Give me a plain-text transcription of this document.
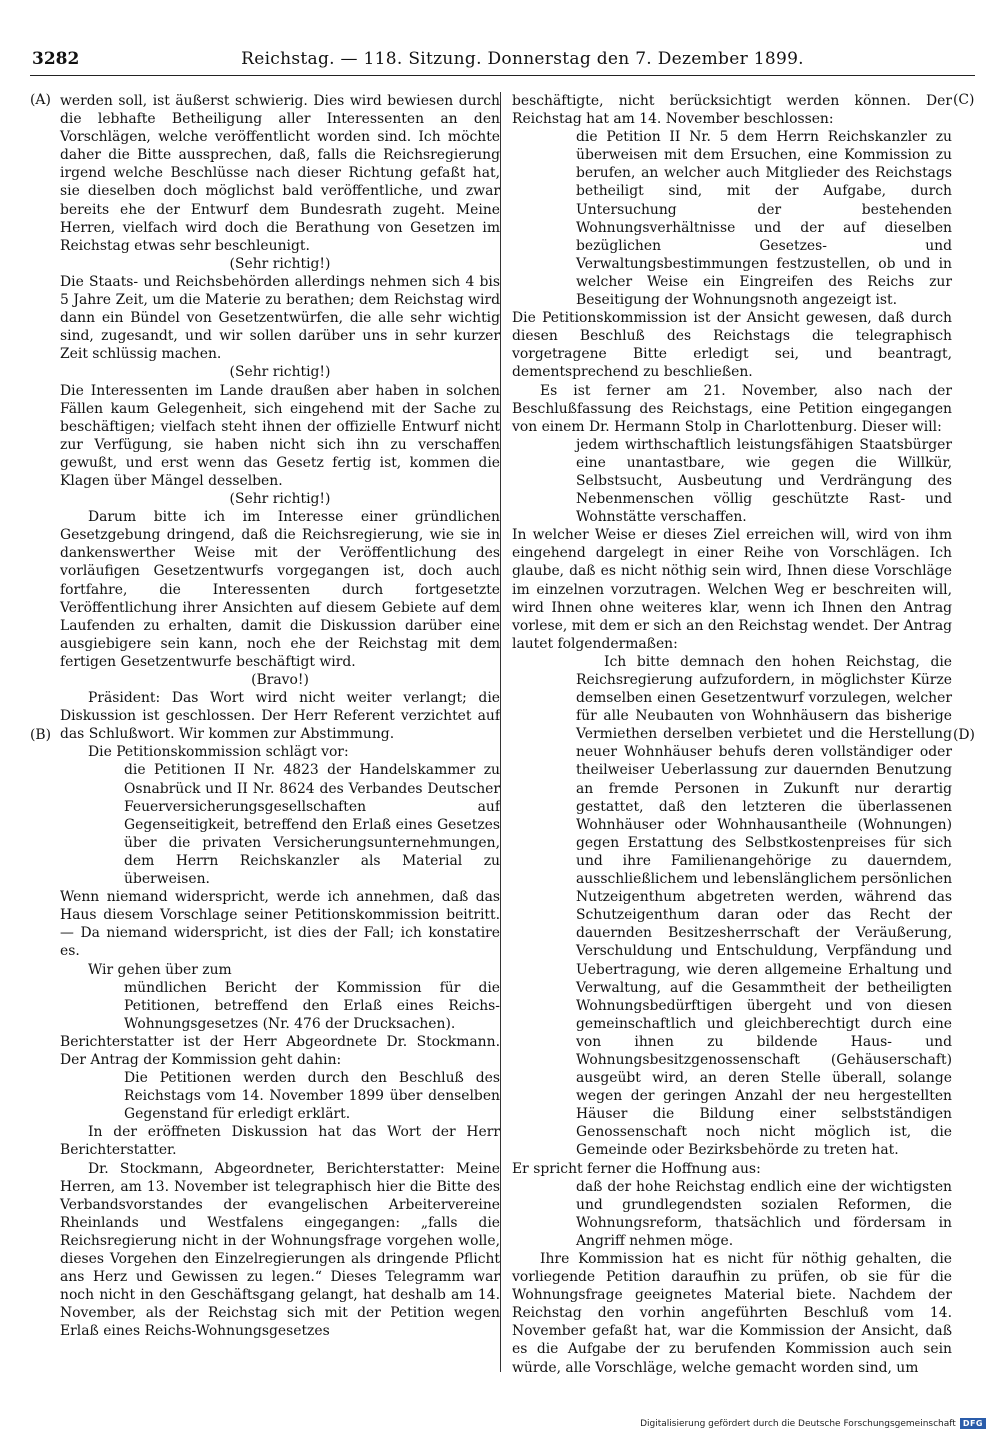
3282	Reichstag. — 118. Sitzung. Donnerstag den 7. Dezember 1899.
(A)
(B)
(C)
(D)

werden soll, ist äußerst schwierig. Dies wird bewiesen durch die lebhafte Betheiligung aller Interessenten an den Vorschlägen, welche veröffentlicht worden sind. Ich möchte daher die Bitte aussprechen, daß, falls die Reichsregierung irgend welche Beschlüsse nach dieser Richtung gefaßt hat, sie dieselben doch möglichst bald veröffentliche, und zwar bereits ehe der Entwurf dem Bundesrath zugeht. Meine Herren, vielfach wird doch die Berathung von Gesetzen im Reichstag etwas sehr beschleunigt.

(Sehr richtig!)

Die Staats- und Reichsbehörden allerdings nehmen sich 4 bis 5 Jahre Zeit, um die Materie zu berathen; dem Reichstag wird dann ein Bündel von Gesetzentwürfen, die alle sehr wichtig sind, zugesandt, und wir sollen darüber uns in sehr kurzer Zeit schlüssig machen.

(Sehr richtig!)

Die Interessenten im Lande draußen aber haben in solchen Fällen kaum Gelegenheit, sich eingehend mit der Sache zu beschäftigen; vielfach steht ihnen der offizielle Entwurf nicht zur Verfügung, sie haben nicht sich ihn zu verschaffen gewußt, und erst wenn das Gesetz fertig ist, kommen die Klagen über Mängel desselben.

(Sehr richtig!)

Darum bitte ich im Interesse einer gründlichen Gesetzgebung dringend, daß die Reichsregierung, wie sie in dankenswerther Weise mit der Veröffentlichung des vorläufigen Gesetzentwurfs vorgegangen ist, doch auch fortfahre, die Interessenten durch fortgesetzte Veröffentlichung ihrer Ansichten auf diesem Gebiete auf dem Laufenden zu erhalten, damit die Diskussion darüber eine ausgiebigere sein kann, noch ehe der Reichstag mit dem fertigen Gesetzentwurfe beschäftigt wird.

(Bravo!)

Präsident: Das Wort wird nicht weiter verlangt; die Diskussion ist geschlossen. Der Herr Referent verzichtet auf das Schlußwort. Wir kommen zur Abstimmung.

Die Petitionskommission schlägt vor:

die Petitionen II Nr. 4823 der Handelskammer zu Osnabrück und II Nr. 8624 des Verbandes Deutscher Feuerversicherungsgesellschaften auf Gegenseitigkeit, betreffend den Erlaß eines Gesetzes über die privaten Versicherungsunternehmungen, dem Herrn Reichskanzler als Material zu überweisen.

Wenn niemand widerspricht, werde ich annehmen, daß das Haus diesem Vorschlage seiner Petitionskommission beitritt. — Da niemand widerspricht, ist dies der Fall; ich konstatire es.

Wir gehen über zum

mündlichen Bericht der Kommission für die Petitionen, betreffend den Erlaß eines Reichs-Wohnungsgesetzes (Nr. 476 der Drucksachen).

Berichterstatter ist der Herr Abgeordnete Dr. Stockmann. Der Antrag der Kommission geht dahin:

Die Petitionen werden durch den Beschluß des Reichstags vom 14. November 1899 über denselben Gegenstand für erledigt erklärt.

In der eröffneten Diskussion hat das Wort der Herr Berichterstatter.

Dr. Stockmann, Abgeordneter, Berichterstatter: Meine Herren, am 13. November ist telegraphisch hier die Bitte des Verbandsvorstandes der evangelischen Arbeitervereine Rheinlands und Westfalens eingegangen: „falls die Reichsregierung nicht in der Wohnungsfrage vorgehen wolle, dieses Vorgehen den Einzelregierungen als dringende Pflicht ans Herz und Gewissen zu legen.“ Dieses Telegramm war noch nicht in den Geschäftsgang gelangt, hat deshalb am 14. November, als der Reichstag sich mit der Petition wegen Erlaß eines Reichs-Wohnungsgesetzes

beschäftigte, nicht berücksichtigt werden können. Der Reichstag hat am 14. November beschlossen:

die Petition II Nr. 5 dem Herrn Reichskanzler zu überweisen mit dem Ersuchen, eine Kommission zu berufen, an welcher auch Mitglieder des Reichstags betheiligt sind, mit der Aufgabe, durch Untersuchung der bestehenden Wohnungsverhältnisse und der auf dieselben bezüglichen Gesetzes- und Verwaltungsbestimmungen festzustellen, ob und in welcher Weise ein Eingreifen des Reichs zur Beseitigung der Wohnungsnoth angezeigt ist.

Die Petitionskommission ist der Ansicht gewesen, daß durch diesen Beschluß des Reichstags die telegraphisch vorgetragene Bitte erledigt sei, und beantragt, dementsprechend zu beschließen.

Es ist ferner am 21. November, also nach der Beschlußfassung des Reichstags, eine Petition eingegangen von einem Dr. Hermann Stolp in Charlottenburg. Dieser will:

jedem wirthschaftlich leistungsfähigen Staatsbürger eine unantastbare, wie gegen die Willkür, Selbstsucht, Ausbeutung und Verdrängung des Nebenmenschen völlig geschützte Rast- und Wohnstätte verschaffen.

In welcher Weise er dieses Ziel erreichen will, wird von ihm eingehend dargelegt in einer Reihe von Vorschlägen. Ich glaube, daß es nicht nöthig sein wird, Ihnen diese Vorschläge im einzelnen vorzutragen. Welchen Weg er beschreiten will, wird Ihnen ohne weiteres klar, wenn ich Ihnen den Antrag vorlese, mit dem er sich an den Reichstag wendet. Der Antrag lautet folgendermaßen:

Ich bitte demnach den hohen Reichstag, die Reichsregierung aufzufordern, in möglichster Kürze demselben einen Gesetzentwurf vorzulegen, welcher für alle Neubauten von Wohnhäusern das bisherige Vermiethen derselben verbietet und die Herstellung neuer Wohnhäuser behufs deren vollständiger oder theilweiser Ueberlassung zur dauernden Benutzung an fremde Personen in Zukunft nur derartig gestattet, daß den letzteren die überlassenen Wohnhäuser oder Wohnhausantheile (Wohnungen) gegen Erstattung des Selbstkostenpreises für sich und ihre Familienangehörige zu dauerndem, ausschließlichem und lebenslänglichem persönlichen Nutzeigenthum abgetreten werden, während das Schutzeigenthum daran oder das Recht der dauernden Besitzesherrschaft der Veräußerung, Verschuldung und Entschuldung, Verpfändung und Uebertragung, wie deren allgemeine Erhaltung und Verwaltung, auf die Gesammtheit der betheiligten Wohnungsbedürftigen übergeht und von diesen gemeinschaftlich und gleichberechtigt durch eine von ihnen zu bildende Haus- und Wohnungsbesitzgenossenschaft (Gehäuserschaft) ausgeübt wird, an deren Stelle überall, solange wegen der geringen Anzahl der neu hergestellten Häuser die Bildung einer selbstständigen Genossenschaft noch nicht möglich ist, die Gemeinde oder Bezirksbehörde zu treten hat.

Er spricht ferner die Hoffnung aus:

daß der hohe Reichstag endlich eine der wichtigsten und grundlegendsten sozialen Reformen, die Wohnungsreform, thatsächlich und fördersam in Angriff nehmen möge.

Ihre Kommission hat es nicht für nöthig gehalten, die vorliegende Petition daraufhin zu prüfen, ob sie für die Wohnungsfrage geeignetes Material biete. Nachdem der Reichstag den vorhin angeführten Beschluß vom 14. November gefaßt hat, war die Kommission der Ansicht, daß es die Aufgabe der zu berufenden Kommission auch sein würde, alle Vorschläge, welche gemacht worden sind, um

Digitalisierung gefördert durch die Deutsche Forschungsgemeinschaft DFG
